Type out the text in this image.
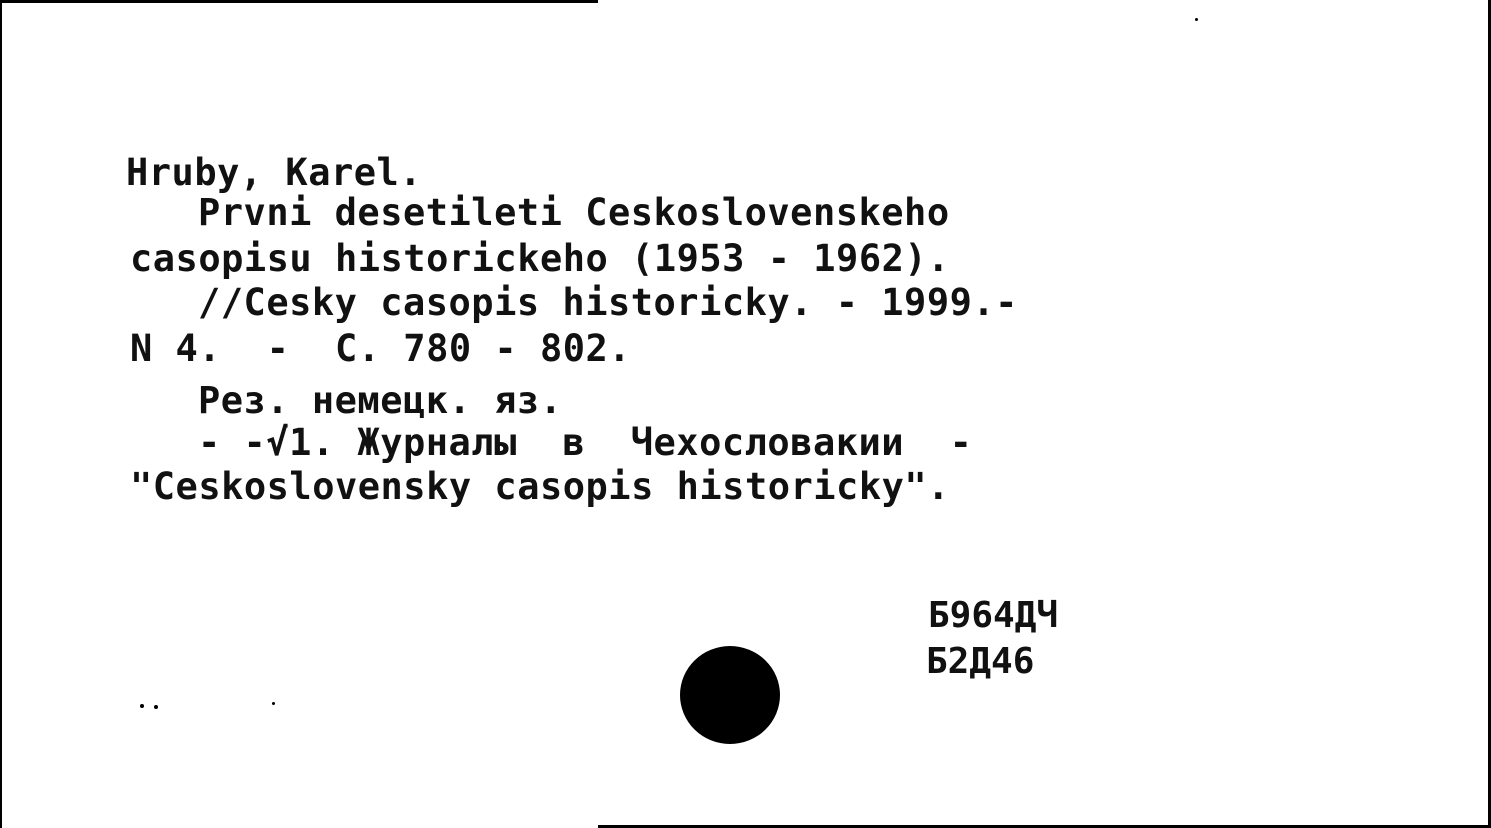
Hruby, Karel.
Prvni desetileti Ceskoslovenskeho
casopisu historickeho (1953 - 1962).
//Cesky casopis historicky. - 1999.-
N 4.  -  C. 780 - 802.
Рез. немецк. яз.
- -√1. Журналы  в  Чехословакии  -
"Ceskoslovensky casopis historicky".
Б964ДЧ
Б2Д46
